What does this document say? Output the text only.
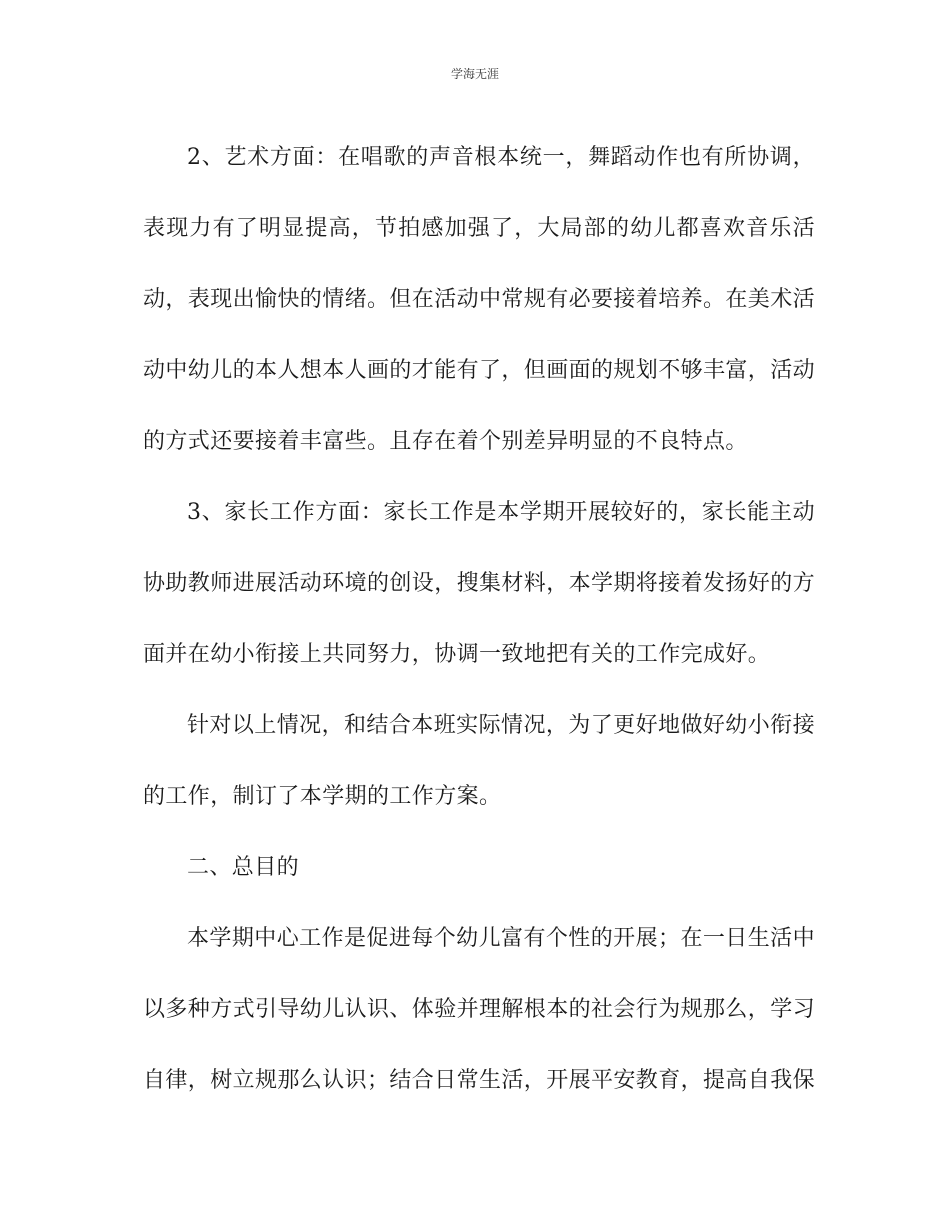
学海无涯

2、艺术方面：在唱歌的声音根本统一，舞蹈动作也有所协调，表现力有了明显提高，节拍感加强了，大局部的幼儿都喜欢音乐活动，表现出愉快的情绪。但在活动中常规有必要接着培养。在美术活动中幼儿的本人想本人画的才能有了，但画面的规划不够丰富，活动的方式还要接着丰富些。且存在着个别差异明显的不良特点。

3、家长工作方面：家长工作是本学期开展较好的，家长能主动协助教师进展活动环境的创设，搜集材料，本学期将接着发扬好的方面并在幼小衔接上共同努力，协调一致地把有关的工作完成好。

针对以上情况，和结合本班实际情况，为了更好地做好幼小衔接的工作，制订了本学期的工作方案。

二、总目的

本学期中心工作是促进每个幼儿富有个性的开展；在一日生活中以多种方式引导幼儿认识、体验并理解根本的社会行为规那么，学习自律，树立规那么认识；结合日常生活，开展平安教育，提高自我保
